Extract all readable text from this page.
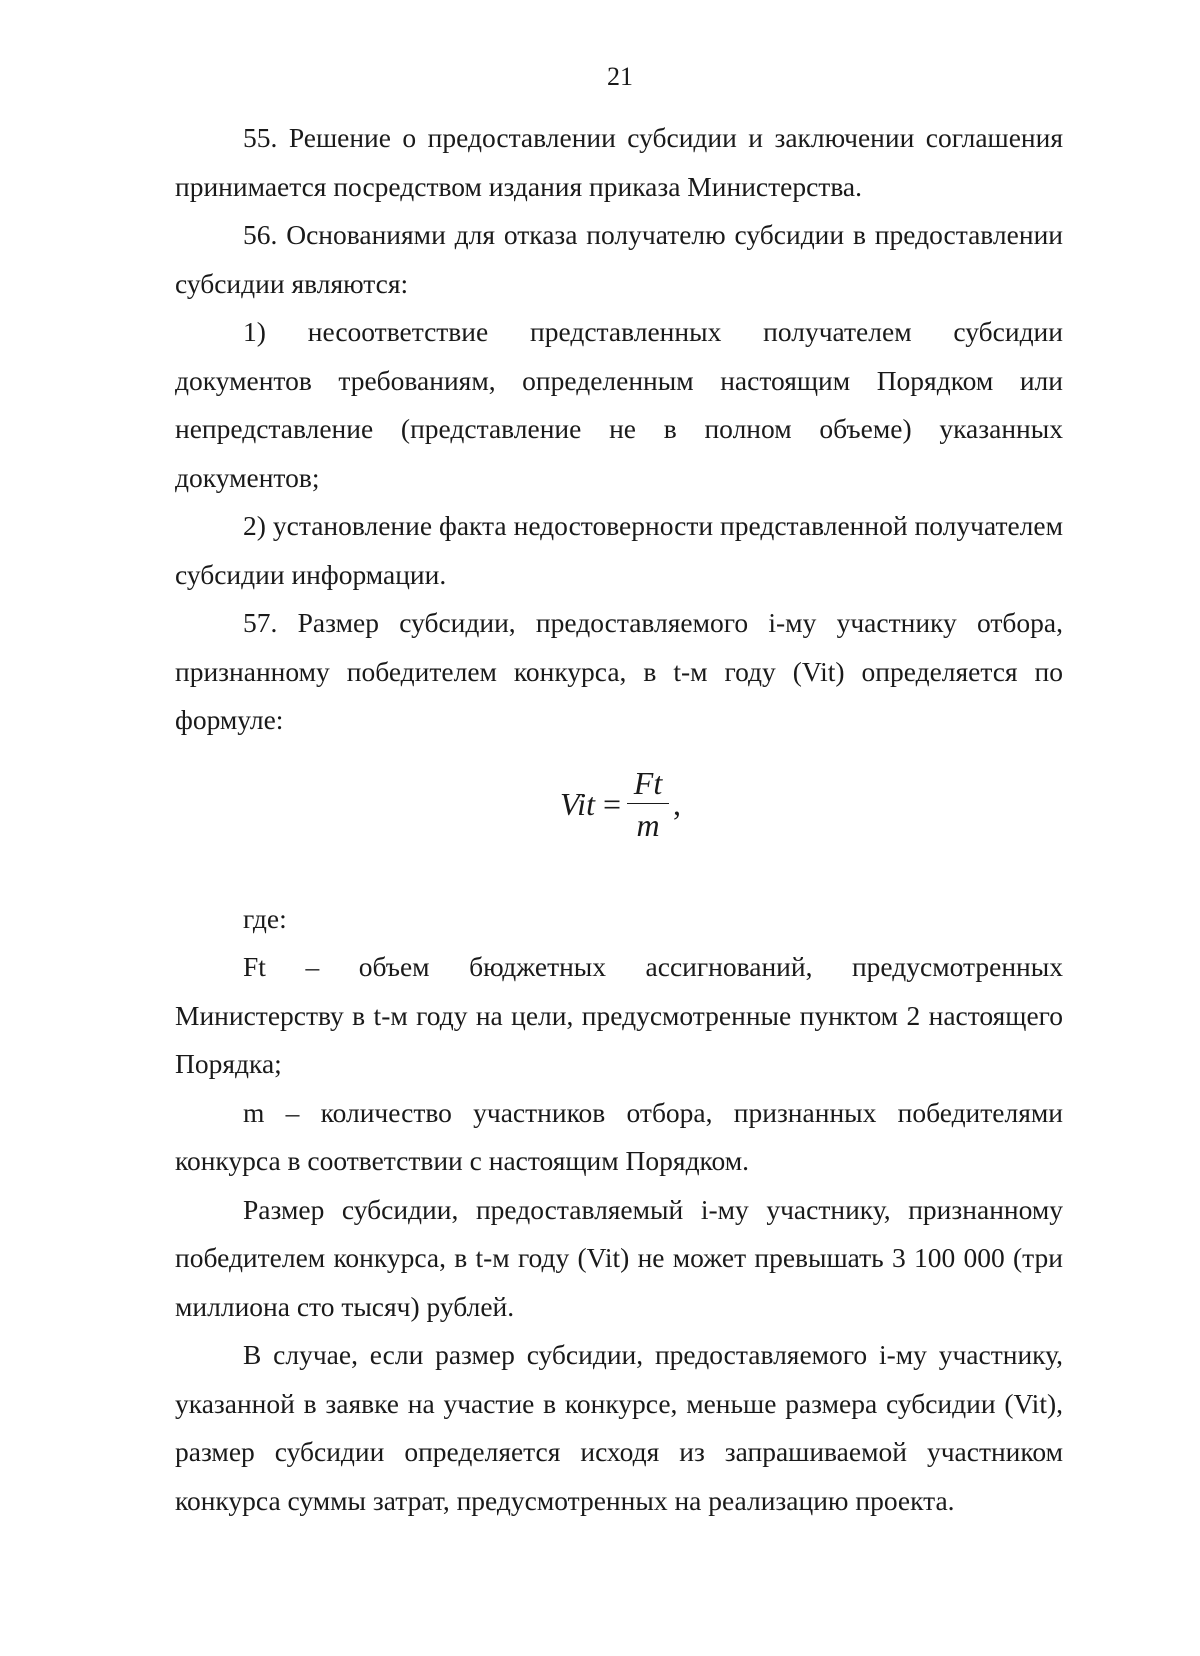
21

55. Решение о предоставлении субсидии и заключении соглашения принимается посредством издания приказа Министерства.

56. Основаниями для отказа получателю субсидии в предоставлении субсидии являются:

1) несоответствие представленных получателем субсидии документов требованиям, определенным настоящим Порядком или непредставление (представление не в полном объеме) указанных документов;

2) установление факта недостоверности представленной получателем субсидии информации.

57. Размер субсидии, предоставляемого i-му участнику отбора, признанному победителем конкурса, в t-м году (Vit) определяется по формуле:

Vit = $\frac{Ft}{m}$ ,

где:

Ft – объем бюджетных ассигнований, предусмотренных Министерству в t-м году на цели, предусмотренные пунктом 2 настоящего Порядка;

m – количество участников отбора, признанных победителями конкурса в соответствии с настоящим Порядком.

Размер субсидии, предоставляемый i-му участнику, признанному победителем конкурса, в t-м году (Vit) не может превышать 3 100 000 (три миллиона сто тысяч) рублей.

В случае, если размер субсидии, предоставляемого i-му участнику, указанной в заявке на участие в конкурсе, меньше размера субсидии (Vit), размер субсидии определяется исходя из запрашиваемой участником конкурса суммы затрат, предусмотренных на реализацию проекта.
